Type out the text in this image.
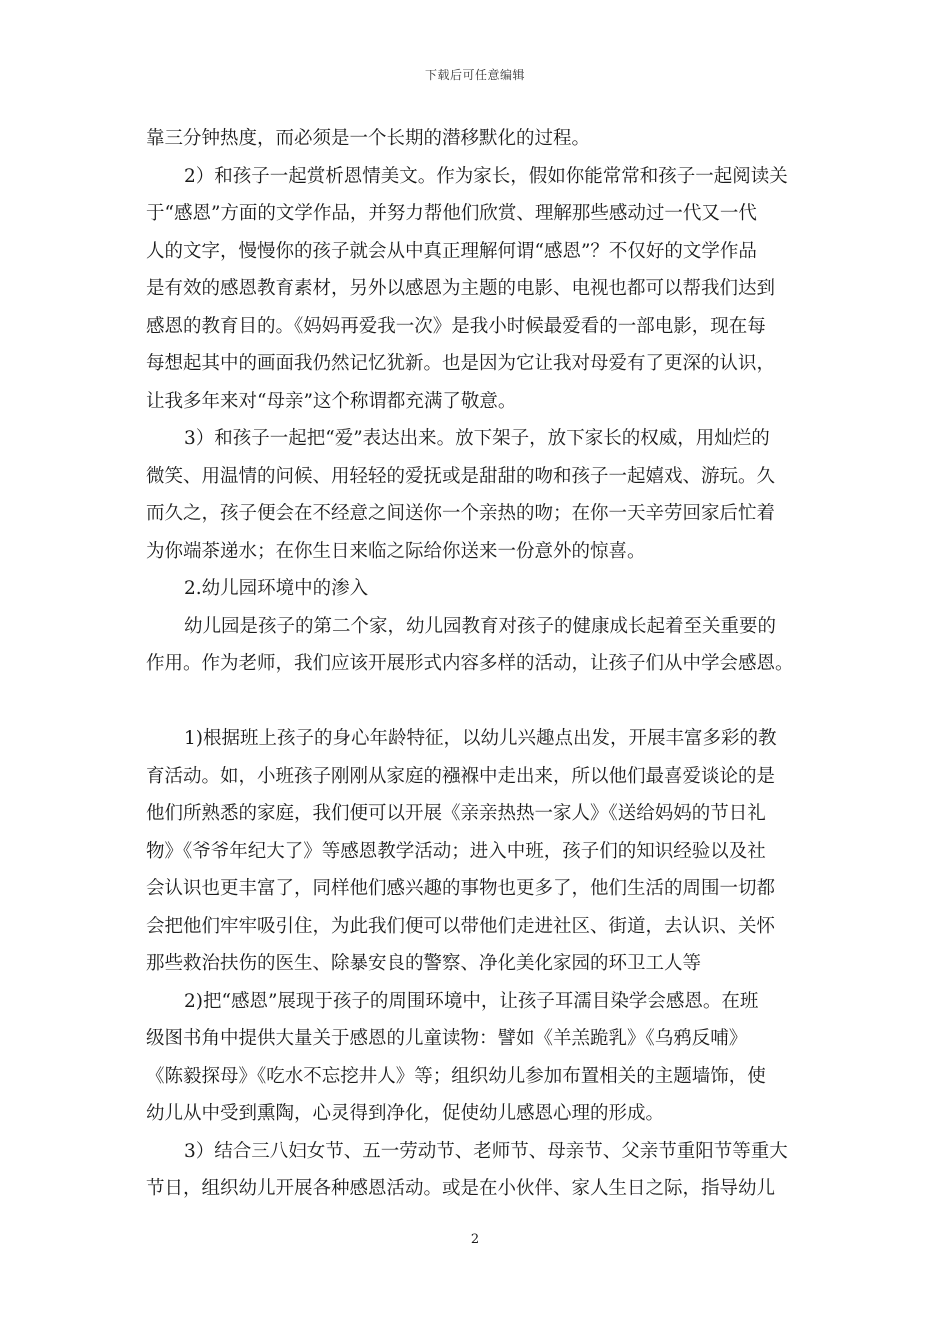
下载后可任意编辑
靠三分钟热度，而必须是一个长期的潜移默化的过程。
2）和孩子一起赏析恩情美文。作为家长，假如你能常常和孩子一起阅读关
于“感恩”方面的文学作品，并努力帮他们欣赏、理解那些感动过一代又一代
人的文字，慢慢你的孩子就会从中真正理解何谓“感恩”？不仅好的文学作品
是有效的感恩教育素材，另外以感恩为主题的电影、电视也都可以帮我们达到
感恩的教育目的。《妈妈再爱我一次》是我小时候最爱看的一部电影，现在每
每想起其中的画面我仍然记忆犹新。也是因为它让我对母爱有了更深的认识，
让我多年来对“母亲”这个称谓都充满了敬意。
3）和孩子一起把“爱”表达出来。放下架子，放下家长的权威，用灿烂的
微笑、用温情的问候、用轻轻的爱抚或是甜甜的吻和孩子一起嬉戏、游玩。久
而久之，孩子便会在不经意之间送你一个亲热的吻；在你一天辛劳回家后忙着
为你端茶递水；在你生日来临之际给你送来一份意外的惊喜。
2.幼儿园环境中的渗入
幼儿园是孩子的第二个家，幼儿园教育对孩子的健康成长起着至关重要的
作用。作为老师，我们应该开展形式内容多样的活动，让孩子们从中学会感恩。
1)根据班上孩子的身心年龄特征，以幼儿兴趣点出发，开展丰富多彩的教
育活动。如，小班孩子刚刚从家庭的襁褓中走出来，所以他们最喜爱谈论的是
他们所熟悉的家庭，我们便可以开展《亲亲热热一家人》《送给妈妈的节日礼
物》《爷爷年纪大了》等感恩教学活动；进入中班，孩子们的知识经验以及社
会认识也更丰富了，同样他们感兴趣的事物也更多了，他们生活的周围一切都
会把他们牢牢吸引住，为此我们便可以带他们走进社区、街道，去认识、关怀
那些救治扶伤的医生、除暴安良的警察、净化美化家园的环卫工人等
2)把“感恩”展现于孩子的周围环境中，让孩子耳濡目染学会感恩。在班
级图书角中提供大量关于感恩的儿童读物：譬如《羊羔跪乳》《乌鸦反哺》
《陈毅探母》《吃水不忘挖井人》等；组织幼儿参加布置相关的主题墙饰，使
幼儿从中受到熏陶，心灵得到净化，促使幼儿感恩心理的形成。
3）结合三八妇女节、五一劳动节、老师节、母亲节、父亲节重阳节等重大
节日，组织幼儿开展各种感恩活动。或是在小伙伴、家人生日之际，指导幼儿
2
